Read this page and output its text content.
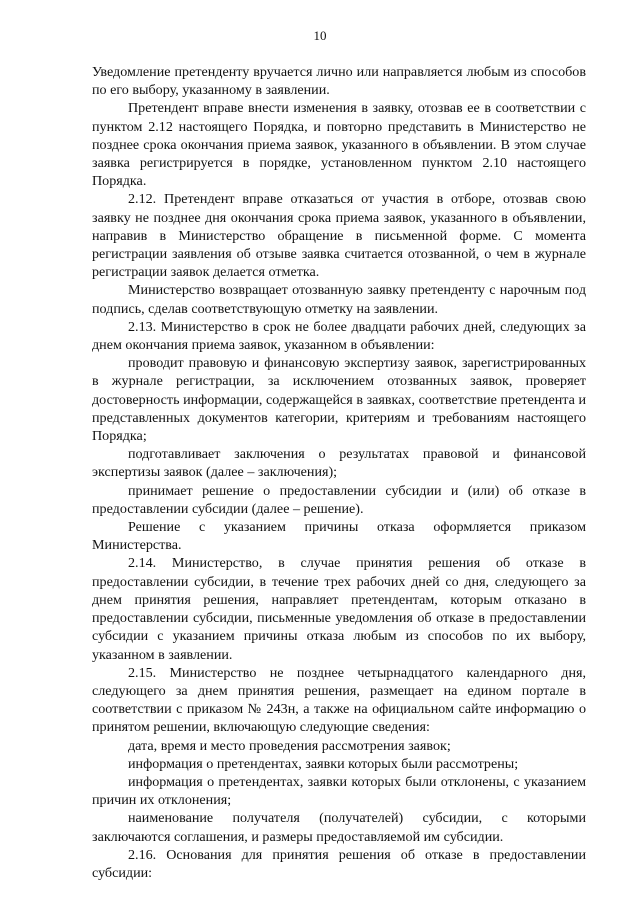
10

Уведомление претенденту вручается лично или направляется любым из способов по его выбору, указанному в заявлении.

Претендент вправе внести изменения в заявку, отозвав ее в соответствии с пунктом 2.12 настоящего Порядка, и повторно представить в Министерство не позднее срока окончания приема заявок, указанного в объявлении. В этом случае заявка регистрируется в порядке, установленном пунктом 2.10 настоящего Порядка.

2.12. Претендент вправе отказаться от участия в отборе, отозвав свою заявку не позднее дня окончания срока приема заявок, указанного в объявлении, направив в Министерство обращение в письменной форме. С момента регистрации заявления об отзыве заявка считается отозванной, о чем в журнале регистрации заявок делается отметка.

Министерство возвращает отозванную заявку претенденту с нарочным под подпись, сделав соответствующую отметку на заявлении.

2.13. Министерство в срок не более двадцати рабочих дней, следующих за днем окончания приема заявок, указанном в объявлении:

проводит правовую и финансовую экспертизу заявок, зарегистрированных в журнале регистрации, за исключением отозванных заявок, проверяет достоверность информации, содержащейся в заявках, соответствие претендента и представленных документов категории, критериям и требованиям настоящего Порядка;

подготавливает заключения о результатах правовой и финансовой экспертизы заявок (далее – заключения);

принимает решение о предоставлении субсидии и (или) об отказе в предоставлении субсидии (далее – решение).

Решение с указанием причины отказа оформляется приказом Министерства.

2.14. Министерство, в случае принятия решения об отказе в предоставлении субсидии, в течение трех рабочих дней со дня, следующего за днем принятия решения, направляет претендентам, которым отказано в предоставлении субсидии, письменные уведомления об отказе в предоставлении субсидии с указанием причины отказа любым из способов по их выбору, указанном в заявлении.

2.15. Министерство не позднее четырнадцатого календарного дня, следующего за днем принятия решения, размещает на едином портале в соответствии с приказом № 243н, а также на официальном сайте информацию о принятом решении, включающую следующие сведения:

дата, время и место проведения рассмотрения заявок;

информация о претендентах, заявки которых были рассмотрены;

информация о претендентах, заявки которых были отклонены, с указанием причин их отклонения;

наименование получателя (получателей) субсидии, с которыми заключаются соглашения, и размеры предоставляемой им субсидии.

2.16. Основания для принятия решения об отказе в предоставлении субсидии:
